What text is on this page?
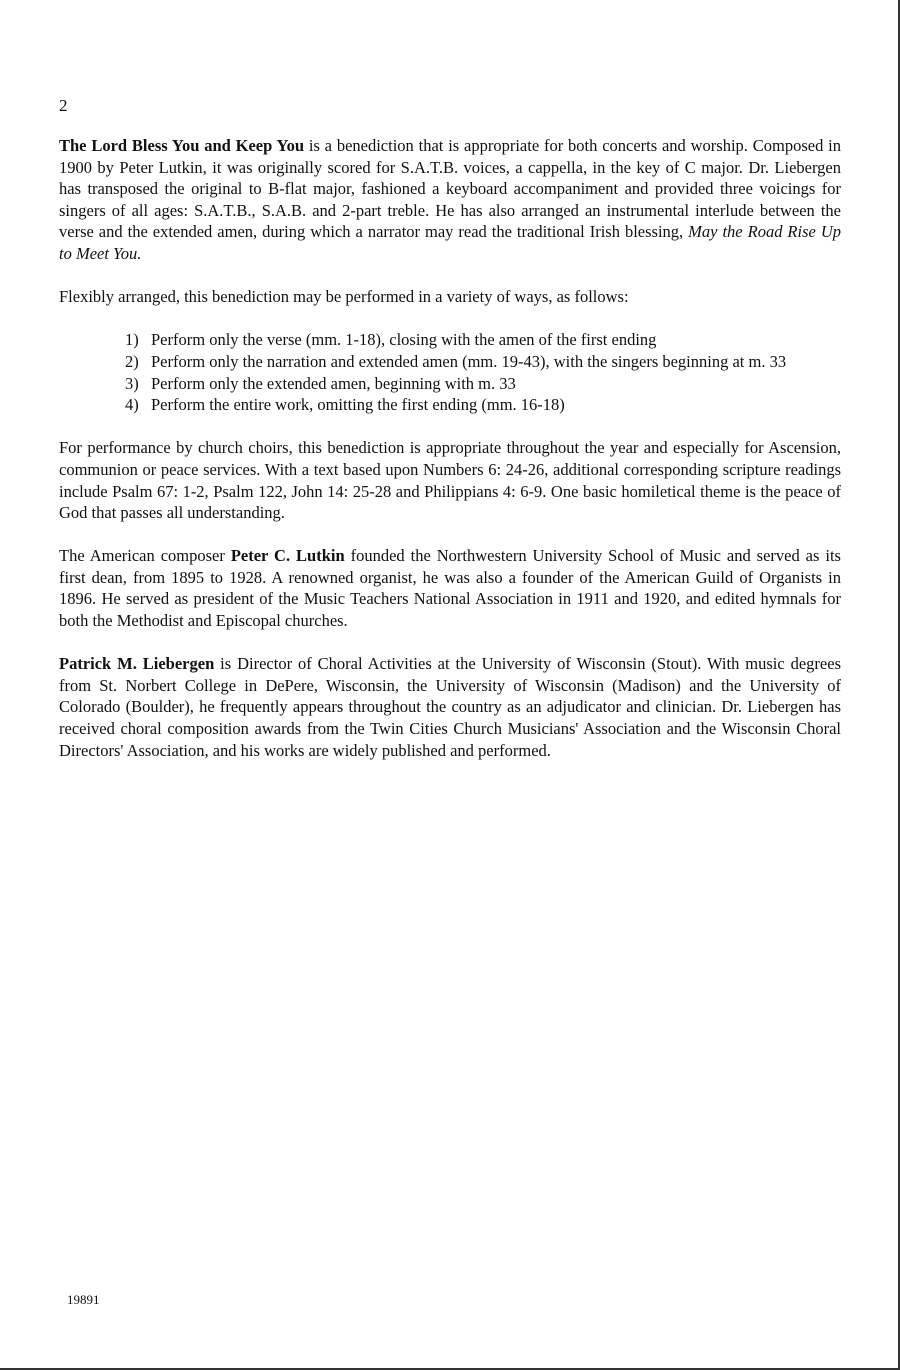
2

The Lord Bless You and Keep You is a benediction that is appropriate for both concerts and worship. Composed in 1900 by Peter Lutkin, it was originally scored for S.A.T.B. voices, a cappella, in the key of C major. Dr. Liebergen has transposed the original to B-flat major, fashioned a keyboard accompaniment and provided three voicings for singers of all ages: S.A.T.B., S.A.B. and 2-part treble. He has also arranged an instrumental interlude between the verse and the extended amen, during which a narrator may read the traditional Irish blessing, May the Road Rise Up to Meet You.

Flexibly arranged, this benediction may be performed in a variety of ways, as follows:

1) Perform only the verse (mm. 1-18), closing with the amen of the first ending
2) Perform only the narration and extended amen (mm. 19-43), with the singers beginning at m. 33
3) Perform only the extended amen, beginning with m. 33
4) Perform the entire work, omitting the first ending (mm. 16-18)

For performance by church choirs, this benediction is appropriate throughout the year and especially for Ascension, communion or peace services. With a text based upon Numbers 6: 24-26, additional corresponding scripture readings include Psalm 67: 1-2, Psalm 122, John 14: 25-28 and Philippians 4: 6-9. One basic homiletical theme is the peace of God that passes all understanding.

The American composer Peter C. Lutkin founded the Northwestern University School of Music and served as its first dean, from 1895 to 1928. A renowned organist, he was also a founder of the American Guild of Organists in 1896. He served as president of the Music Teachers National Association in 1911 and 1920, and edited hymnals for both the Methodist and Episcopal churches.

Patrick M. Liebergen is Director of Choral Activities at the University of Wisconsin (Stout). With music degrees from St. Norbert College in DePere, Wisconsin, the University of Wisconsin (Madison) and the University of Colorado (Boulder), he frequently appears throughout the country as an adjudicator and clinician. Dr. Liebergen has received choral composition awards from the Twin Cities Church Musicians' Association and the Wisconsin Choral Directors' Association, and his works are widely published and performed.

19891
